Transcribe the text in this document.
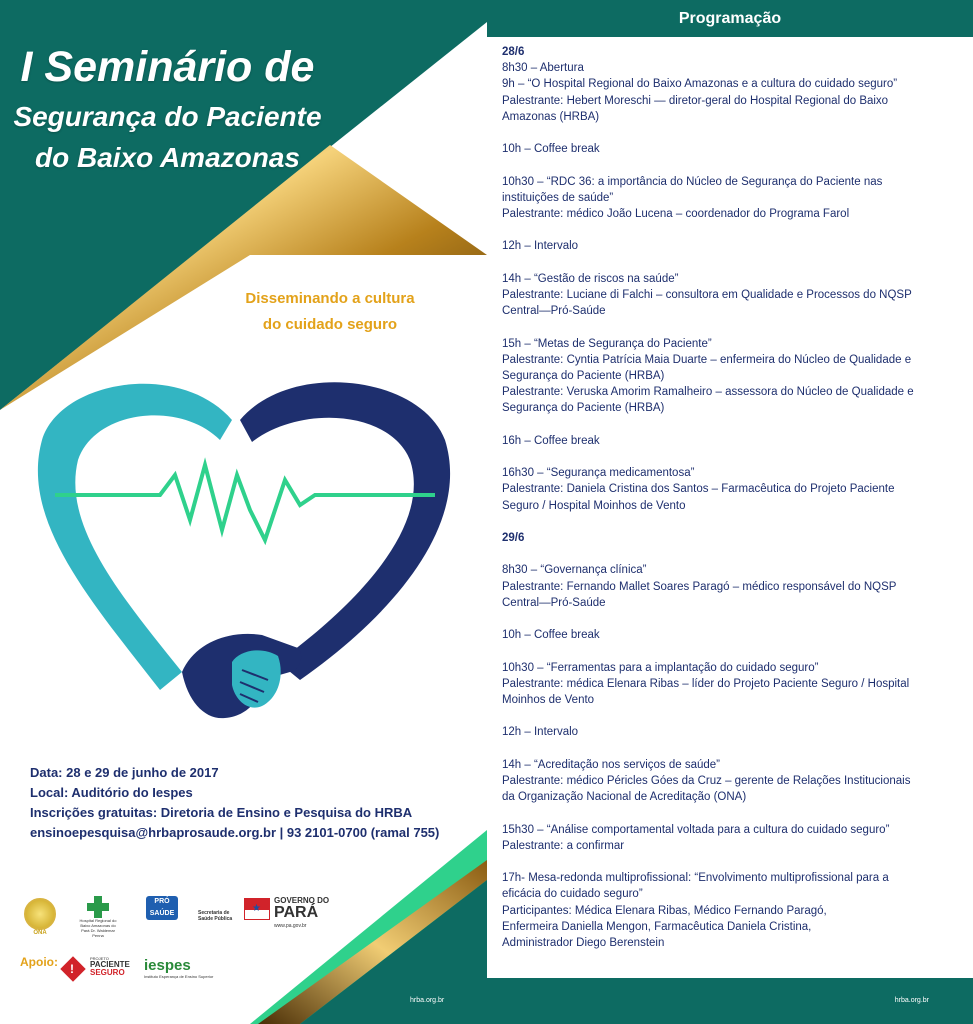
I Seminário de
Segurança do Paciente
do Baixo Amazonas
Disseminando a cultura
do cuidado seguro
Data: 28 e 29 de junho de 2017
Local: Auditório do Iespes
Inscrições gratuitas: Diretoria de Ensino e Pesquisa do HRBA
ensinoepesquisa@hrbaprosaude.org.br | 93 2101-0700 (ramal 755)
ONA
Hospital Regional do Baixo Amazonas do Pará Dr. Waldemar Penna
PRÓ SAÚDE	Secretaria de Saúde Pública
★
GOVERNO DO
PARÁ
www.pa.gov.br
!
PROJETO
PACIENTE
SEGURO iespes
Instituto Esperança de Ensino Superior
Apoio:
hrba.org.br
Programação
28/6
8h30 – Abertura
9h – “O Hospital Regional do Baixo Amazonas e a cultura do cuidado seguro”
Palestrante: Hebert Moreschi — diretor-geral do Hospital Regional do Baixo
Amazonas (HRBA)
10h – Coffee break
10h30 – “RDC 36: a importância do Núcleo de Segurança do Paciente nas
instituições de saúde”
Palestrante: médico João Lucena – coordenador do Programa Farol
12h – Intervalo
14h – “Gestão de riscos na saúde”
Palestrante: Luciane di Falchi – consultora em Qualidade e Processos do NQSP
Central—Pró-Saúde
15h – “Metas de Segurança do Paciente”
Palestrante: Cyntia Patrícia Maia Duarte – enfermeira do Núcleo de Qualidade e
Segurança do Paciente (HRBA)
Palestrante: Veruska Amorim Ramalheiro – assessora do Núcleo de Qualidade e
Segurança do Paciente (HRBA)
16h – Coffee break
16h30 – “Segurança medicamentosa”
Palestrante: Daniela Cristina dos Santos – Farmacêutica do Projeto Paciente
Seguro / Hospital Moinhos de Vento
29/6
8h30 – “Governança clínica”
Palestrante: Fernando Mallet Soares Paragó – médico responsável do NQSP
Central—Pró-Saúde
10h – Coffee break
10h30 – “Ferramentas para a implantação do cuidado seguro”
Palestrante: médica Elenara Ribas – líder do Projeto Paciente Seguro / Hospital
Moinhos de Vento
12h – Intervalo
14h – “Acreditação nos serviços de saúde”
Palestrante: médico Péricles Góes da Cruz – gerente de Relações Institucionais
da Organização Nacional de Acreditação (ONA)
15h30 – “Análise comportamental voltada para a cultura do cuidado seguro”
Palestrante: a confirmar
17h- Mesa-redonda multiprofissional: “Envolvimento multiprofissional para a
eficácia do cuidado seguro”
Participantes: Médica Elenara Ribas, Médico Fernando Paragó,
Enfermeira Daniella Mengon, Farmacêutica Daniela Cristina,
Administrador Diego Berenstein
hrba.org.br
